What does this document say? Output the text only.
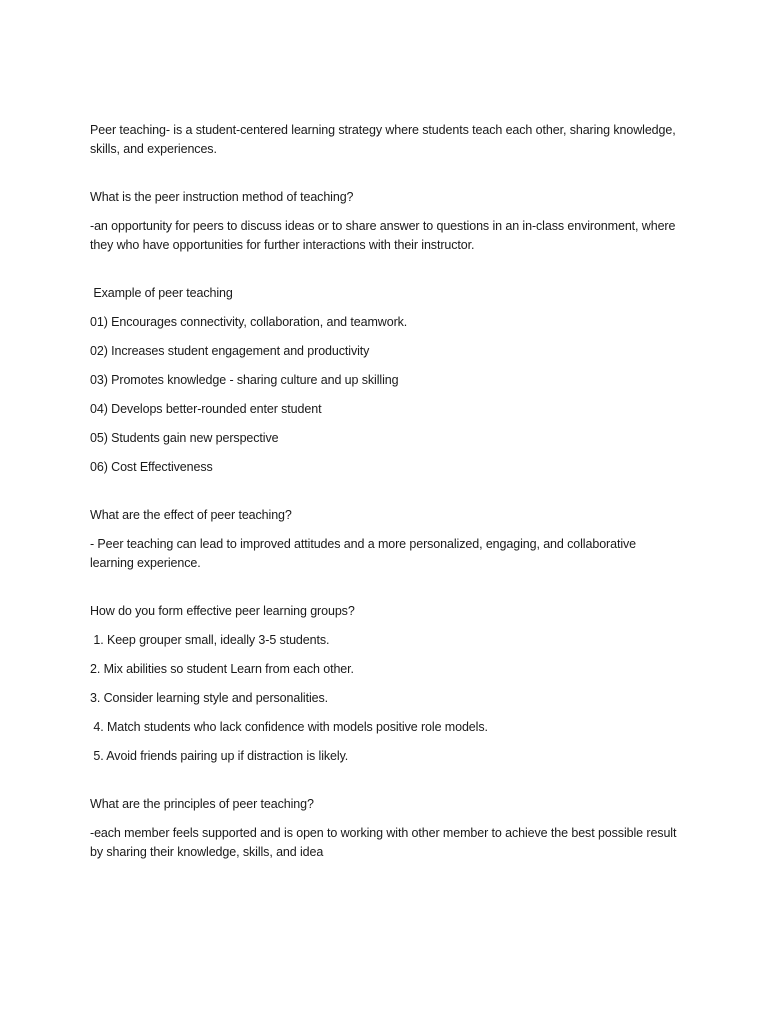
Peer teaching- is a student-centered learning strategy where students teach each other, sharing knowledge, skills, and experiences.

What is the peer instruction method of teaching?

-an opportunity for peers to discuss ideas or to share answer to questions in an in-class environment, where they who have opportunities for further interactions with their instructor.

Example of peer teaching

01) Encourages connectivity, collaboration, and teamwork.

02) Increases student engagement and productivity

03) Promotes knowledge - sharing culture and up skilling

04) Develops better-rounded enter student

05) Students gain new perspective

06) Cost Effectiveness

What are the effect of peer teaching?

- Peer teaching can lead to improved attitudes and a more personalized, engaging, and collaborative learning experience.

How do you form effective peer learning groups?

1. Keep grouper small, ideally 3-5 students.

2. Mix abilities so student Learn from each other.

3. Consider learning style and personalities.

4. Match students who lack confidence with models positive role models.

5. Avoid friends pairing up if distraction is likely.

What are the principles of peer teaching?

-each member feels supported and is open to working with other member to achieve the best possible result by sharing their knowledge, skills, and idea
